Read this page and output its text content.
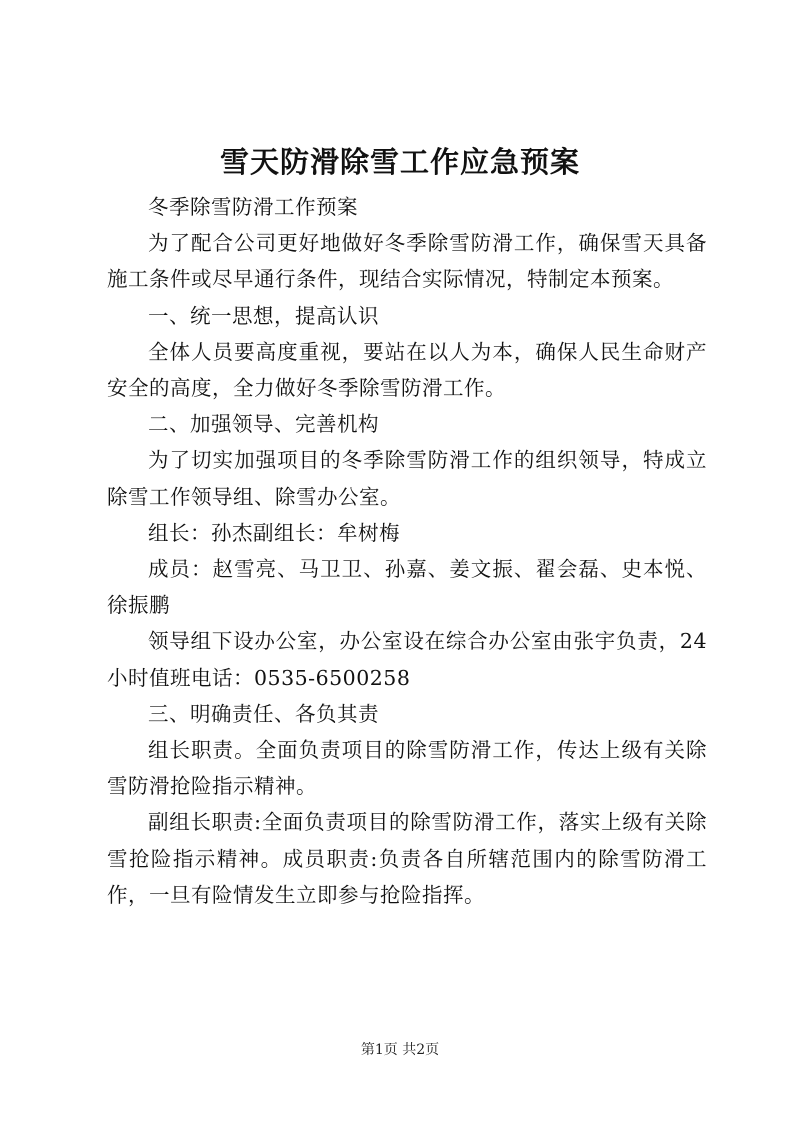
雪天防滑除雪工作应急预案

冬季除雪防滑工作预案

为了配合公司更好地做好冬季除雪防滑工作，确保雪天具备施工条件或尽早通行条件，现结合实际情况，特制定本预案。

一、统一思想，提高认识

全体人员要高度重视，要站在以人为本，确保人民生命财产安全的高度，全力做好冬季除雪防滑工作。

二、加强领导、完善机构

为了切实加强项目的冬季除雪防滑工作的组织领导，特成立除雪工作领导组、除雪办公室。

组长：孙杰副组长：牟树梅

成员：赵雪亮、马卫卫、孙嘉、姜文振、翟会磊、史本悦、徐振鹏

领导组下设办公室，办公室设在综合办公室由张宇负责，24小时值班电话：0535-6500258

三、明确责任、各负其责

组长职责。全面负责项目的除雪防滑工作，传达上级有关除雪防滑抢险指示精神。

副组长职责:全面负责项目的除雪防滑工作，落实上级有关除雪抢险指示精神。成员职责:负责各自所辖范围内的除雪防滑工作，一旦有险情发生立即参与抢险指挥。

第1页 共2页
